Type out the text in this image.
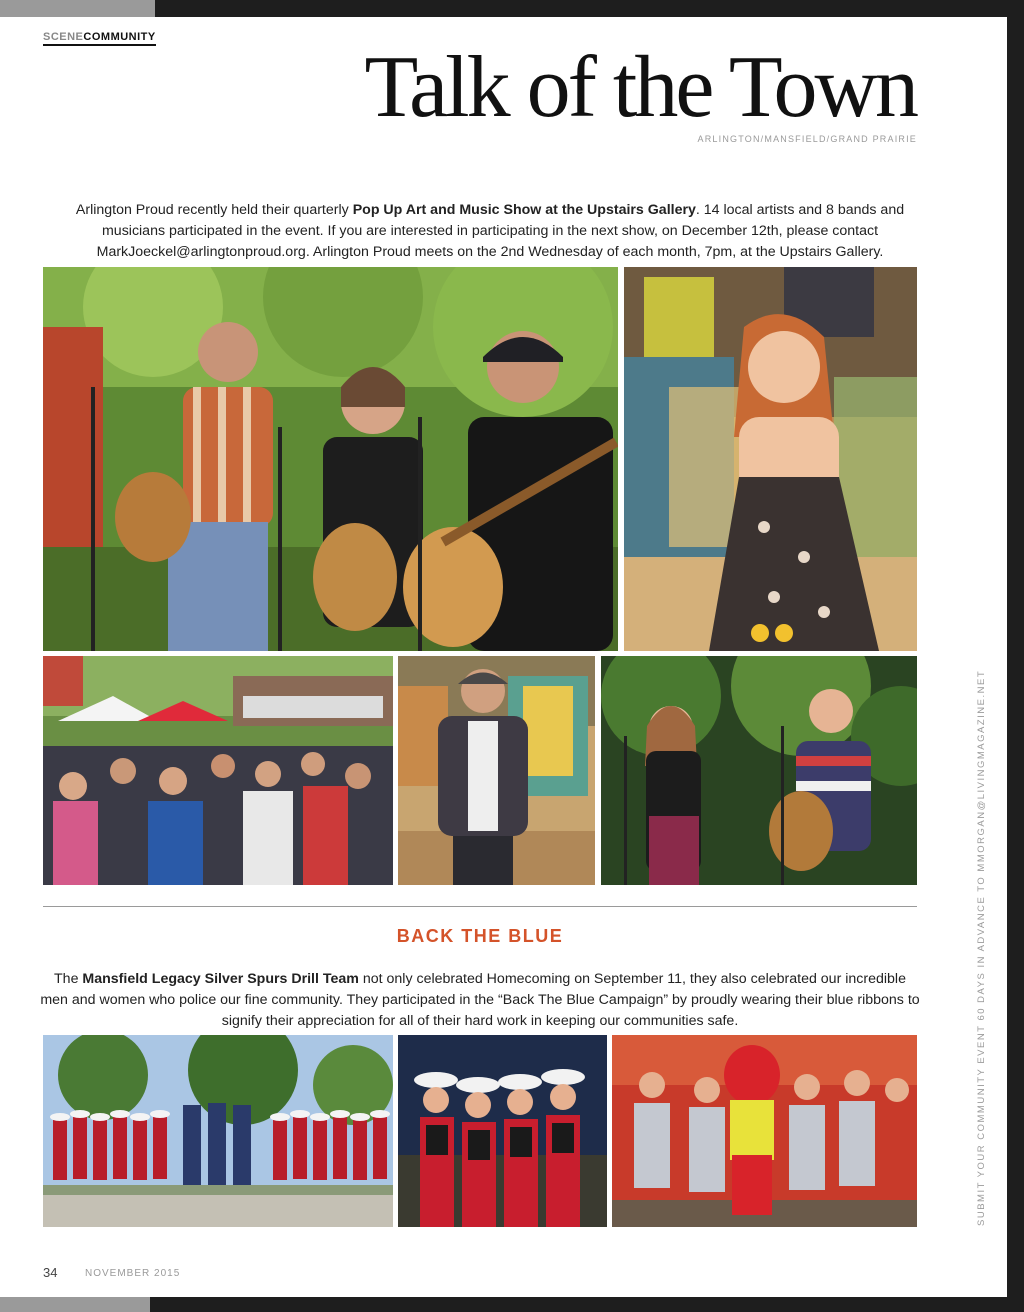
SCENECOMMUNITY
Talk of the Town
ARLINGTON/MANSFIELD/GRAND PRAIRIE

Arlington Proud recently held their quarterly Pop Up Art and Music Show at the Upstairs Gallery. 14 local artists and 8 bands and musicians participated in the event. If you are interested in participating in the next show, on December 12th, please contact MarkJoeckel@arlingtonproud.org. Arlington Proud meets on the 2nd Wednesday of each month, 7pm, at the Upstairs Gallery.

BACK THE BLUE

The Mansfield Legacy Silver Spurs Drill Team not only celebrated Homecoming on September 11, they also celebrated our incredible men and women who police our fine community. They participated in the “Back The Blue Campaign” by proudly wearing their blue ribbons to signify their appreciation for all of their hard work in keeping our communities safe.	SUBMIT YOUR COMMUNITY EVENT 60 DAYS IN ADVANCE TO MMORGAN@LIVINGMAGAZINE.NET
34	NOVEMBER 2015
